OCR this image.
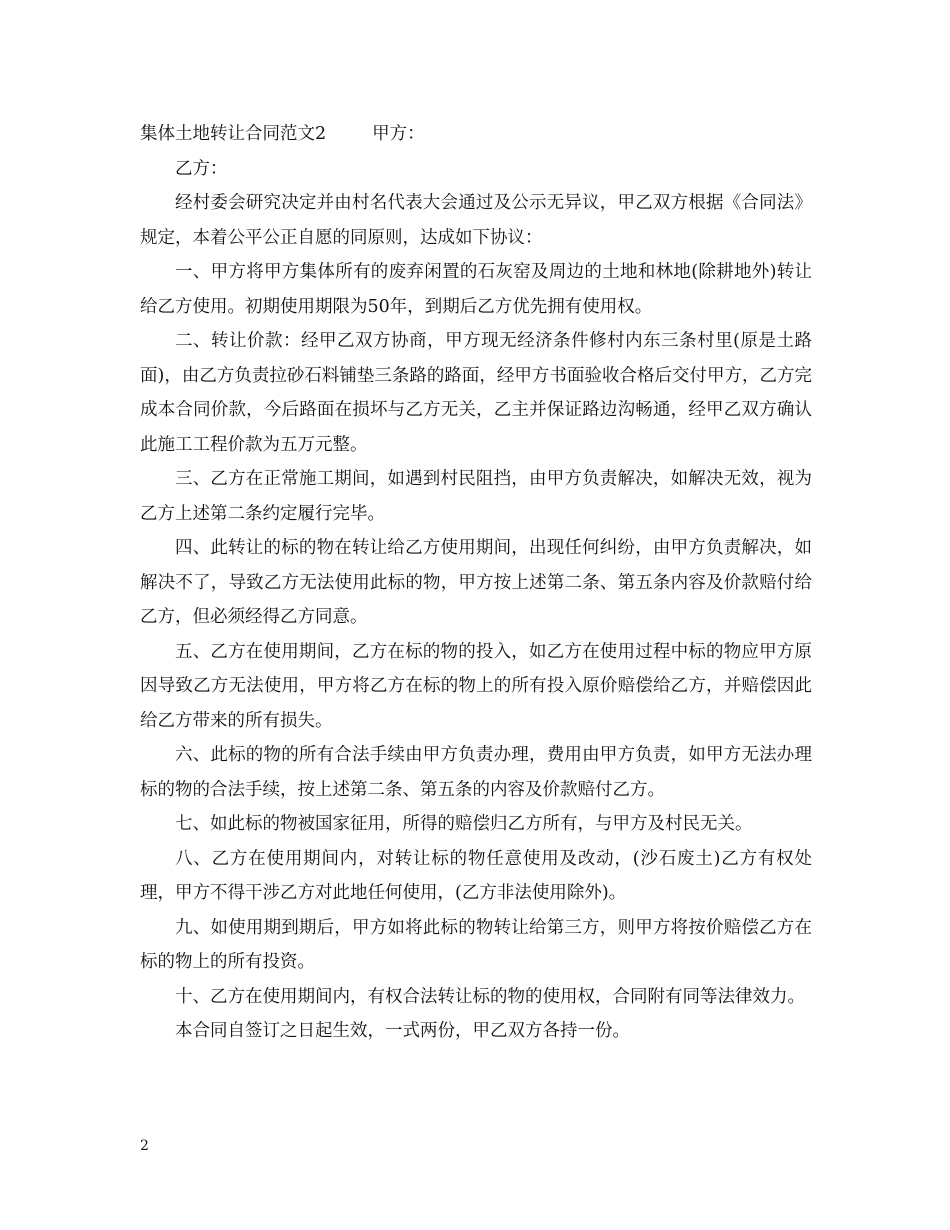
集体土地转让合同范文2	甲方：

乙方：

经村委会研究决定并由村名代表大会通过及公示无异议，甲乙双方根据《合同法》规定，本着公平公正自愿的同原则，达成如下协议：

一、甲方将甲方集体所有的废弃闲置的石灰窑及周边的土地和林地(除耕地外)转让给乙方使用。初期使用期限为50年，到期后乙方优先拥有使用权。

二、转让价款：经甲乙双方协商，甲方现无经济条件修村内东三条村里(原是土路面)，由乙方负责拉砂石料铺垫三条路的路面，经甲方书面验收合格后交付甲方，乙方完成本合同价款，今后路面在损坏与乙方无关，乙主并保证路边沟畅通，经甲乙双方确认此施工工程价款为五万元整。

三、乙方在正常施工期间，如遇到村民阻挡，由甲方负责解决，如解决无效，视为乙方上述第二条约定履行完毕。

四、此转让的标的物在转让给乙方使用期间，出现任何纠纷，由甲方负责解决，如解决不了，导致乙方无法使用此标的物，甲方按上述第二条、第五条内容及价款赔付给乙方，但必须经得乙方同意。

五、乙方在使用期间，乙方在标的物的投入，如乙方在使用过程中标的物应甲方原因导致乙方无法使用，甲方将乙方在标的物上的所有投入原价赔偿给乙方，并赔偿因此给乙方带来的所有损失。

六、此标的物的所有合法手续由甲方负责办理，费用由甲方负责，如甲方无法办理标的物的合法手续，按上述第二条、第五条的内容及价款赔付乙方。

七、如此标的物被国家征用，所得的赔偿归乙方所有，与甲方及村民无关。

八、乙方在使用期间内，对转让标的物任意使用及改动，(沙石废土)乙方有权处理，甲方不得干涉乙方对此地任何使用，(乙方非法使用除外)。

九、如使用期到期后，甲方如将此标的物转让给第三方，则甲方将按价赔偿乙方在标的物上的所有投资。

十、乙方在使用期间内，有权合法转让标的物的使用权，合同附有同等法律效力。

本合同自签订之日起生效，一式两份，甲乙双方各持一份。

2
